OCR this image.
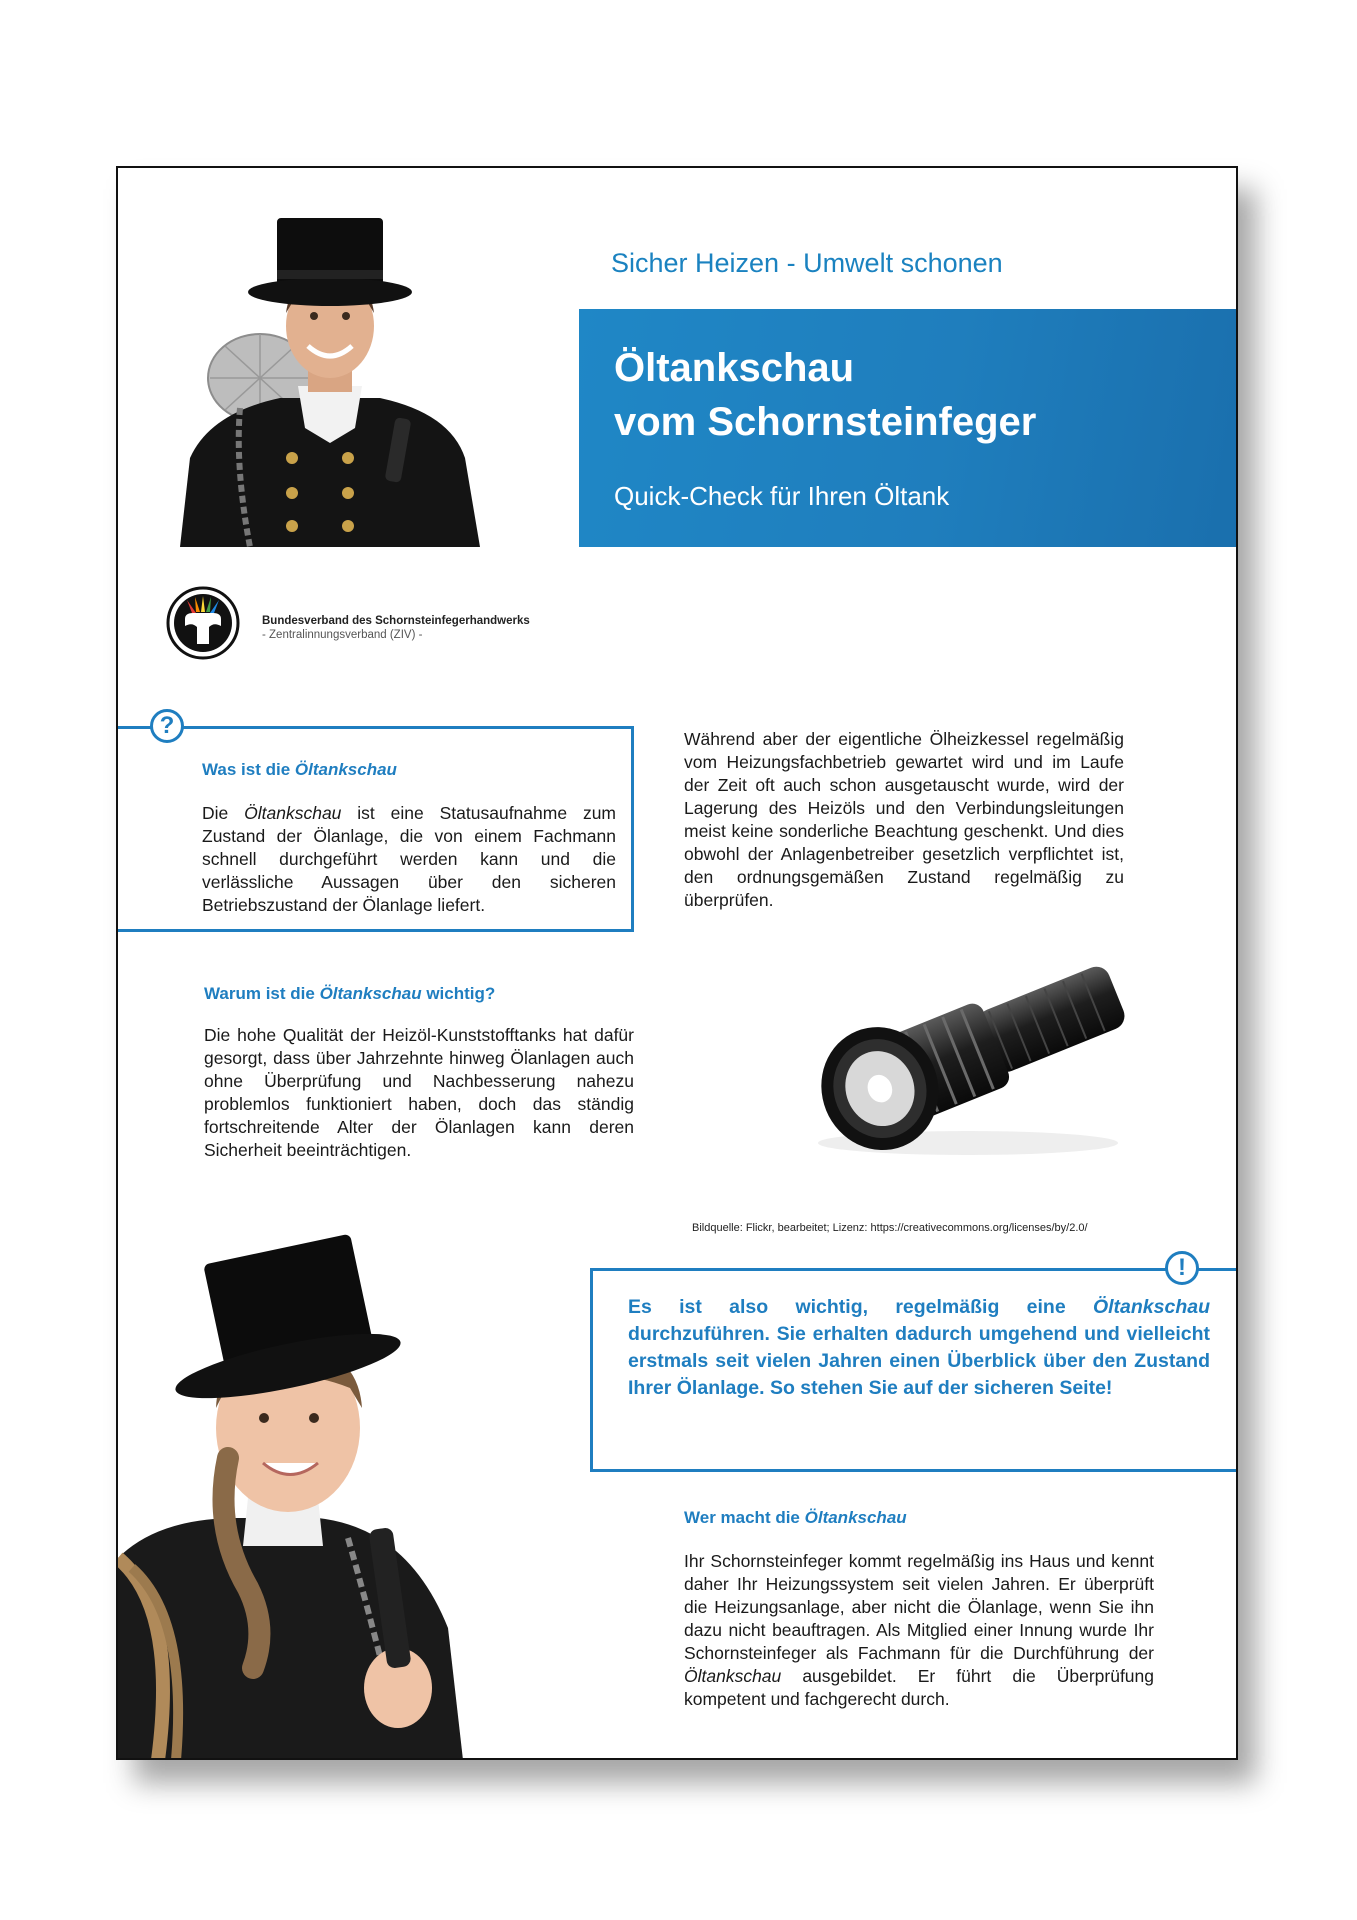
Sicher Heizen - Umwelt schonen
Öltankschau
vom Schornsteinfeger
Quick-Check für Ihren Öltank
Bundesverband des Schornsteinfegerhandwerks
- Zentralinnungsverband (ZIV) -
?
Was ist die Öltankschau
Die Öltankschau ist eine Statusaufnahme zum Zustand der Ölanlage, die von einem Fachmann schnell durchgeführt werden kann und die verlässliche Aussagen über den sicheren Betriebszustand der Ölanlage liefert.
Während aber der eigentliche Ölheizkessel regelmäßig vom Heizungsfachbetrieb gewartet wird und im Laufe der Zeit oft auch schon ausgetauscht wurde, wird der Lagerung des Heizöls und den Verbindungsleitungen meist keine sonderliche Beachtung geschenkt. Und dies obwohl der Anlagenbetreiber gesetzlich verpflichtet ist, den ordnungsgemäßen Zustand regelmäßig zu überprüfen.
Warum ist die Öltankschau wichtig?
Die hohe Qualität der Heizöl-Kunststofftanks hat dafür gesorgt, dass über Jahrzehnte hinweg Ölanlagen auch ohne Überprüfung und Nachbesserung nahezu problemlos funktioniert haben, doch das ständig fortschreitende Alter der Ölanlagen kann deren Sicherheit beeinträchtigen.
Bildquelle: Flickr, bearbeitet; Lizenz: https://creativecommons.org/licenses/by/2.0/
!
Es ist also wichtig, regelmäßig eine Öltankschau durchzuführen. Sie erhalten dadurch umgehend und vielleicht erstmals seit vielen Jahren einen Überblick über den Zustand Ihrer Ölanlage. So stehen Sie auf der sicheren Seite!
Wer macht die Öltankschau
Ihr Schornsteinfeger kommt regelmäßig ins Haus und kennt daher Ihr Heizungssystem seit vielen Jahren. Er überprüft die Heizungsanlage, aber nicht die Ölanlage, wenn Sie ihn dazu nicht beauftragen. Als Mitglied einer Innung wurde Ihr Schornsteinfeger als Fachmann für die Durchführung der Öltankschau ausgebildet. Er führt die Überprüfung kompetent und fachgerecht durch.
